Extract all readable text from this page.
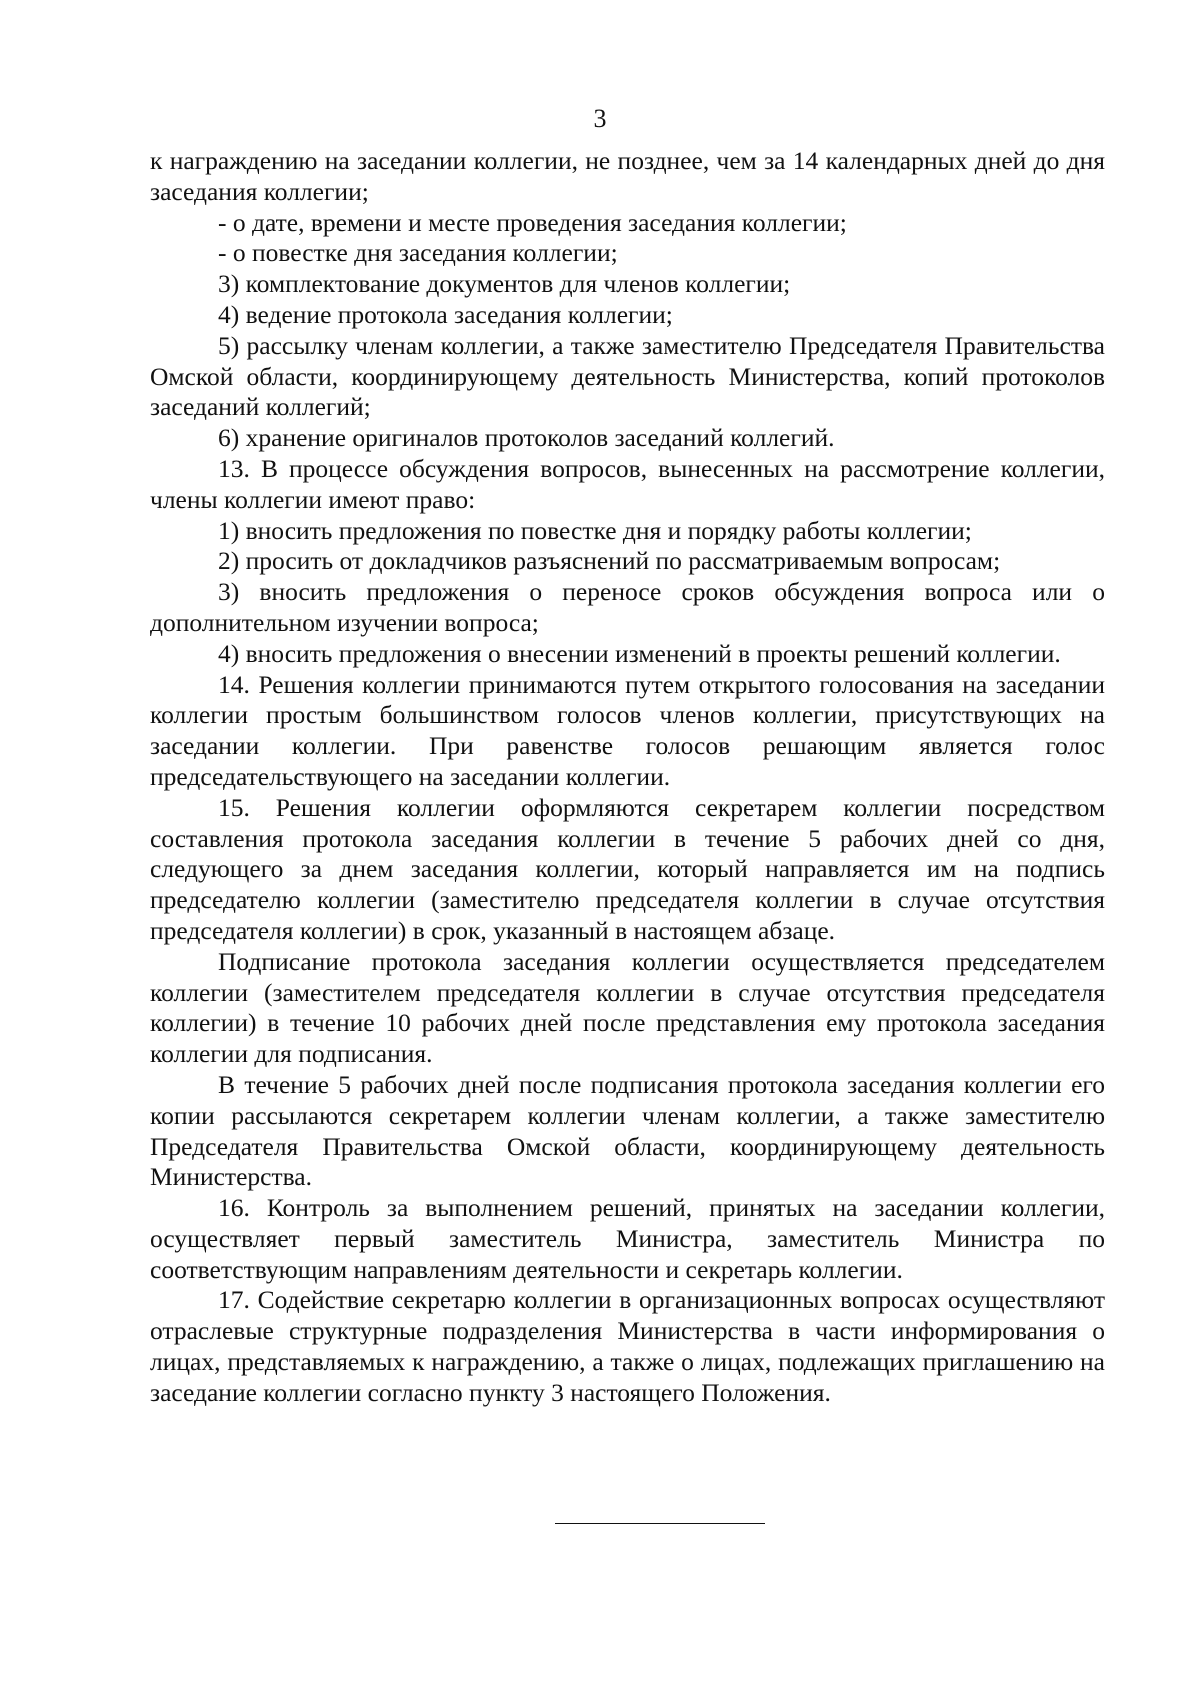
3

к награждению на заседании коллегии, не позднее, чем за 14 календарных дней до дня заседания коллегии;

- о дате, времени и месте проведения заседания коллегии;

- о повестке дня заседания коллегии;

3) комплектование документов для членов коллегии;

4) ведение протокола заседания коллегии;

5) рассылку членам коллегии, а также заместителю Председателя Правительства Омской области, координирующему деятельность Министерства, копий протоколов заседаний коллегий;

6) хранение оригиналов протоколов заседаний коллегий.

13. В процессе обсуждения вопросов, вынесенных на рассмотрение коллегии, члены коллегии имеют право:

1) вносить предложения по повестке дня и порядку работы коллегии;

2) просить от докладчиков разъяснений по рассматриваемым вопросам;

3) вносить предложения о переносе сроков обсуждения вопроса или о дополнительном изучении вопроса;

4) вносить предложения о внесении изменений в проекты решений коллегии.

14. Решения коллегии принимаются путем открытого голосования на заседании коллегии простым большинством голосов членов коллегии, присутствующих на заседании коллегии. При равенстве голосов решающим является голос председательствующего на заседании коллегии.

15. Решения коллегии оформляются секретарем коллегии посредством составления протокола заседания коллегии в течение 5 рабочих дней со дня, следующего за днем заседания коллегии, который направляется им на подпись председателю коллегии (заместителю председателя коллегии в случае отсутствия председателя коллегии) в срок, указанный в настоящем абзаце.

Подписание протокола заседания коллегии осуществляется председателем коллегии (заместителем председателя коллегии в случае отсутствия председателя коллегии) в течение 10 рабочих дней после представления ему протокола заседания коллегии для подписания.

В течение 5 рабочих дней после подписания протокола заседания коллегии его копии рассылаются секретарем коллегии членам коллегии, а также заместителю Председателя Правительства Омской области, координирующему деятельность Министерства.

16. Контроль за выполнением решений, принятых на заседании коллегии, осуществляет первый заместитель Министра, заместитель Министра по соответствующим направлениям деятельности и секретарь коллегии.

17. Содействие секретарю коллегии в организационных вопросах осуществляют отраслевые структурные подразделения Министерства в части информирования о лицах, представляемых к награждению, а также о лицах, подлежащих приглашению на заседание коллегии согласно пункту 3 настоящего Положения.
